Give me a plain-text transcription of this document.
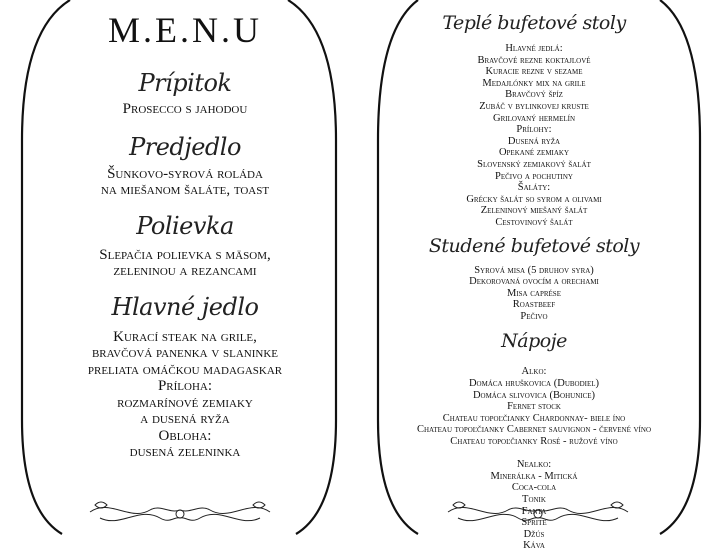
M.E.N.U
Prípitok
Prosecco s jahodou
Predjedlo
Šunkovo-syrová roláda
na miešanom šaláte, toast
Polievka
Slepačia polievka s mäsom,
zeleninou a rezancami
Hlavné jedlo
Kurací steak na grile,
bravčová panenka v slaninke
preliata omáčkou madagaskar
Príloha:
rozmarínové zemiaky
a dusená ryža
Obloha:
dusená zeleninka
Teplé bufetové stoly
Hlavné jedlá:
Bravčové rezne koktajlové
Kuracie rezne v sezame
Medajlónky mix na grile
Bravčový špíz
Zubáč v bylinkovej kruste
Grilovaný hermelín
Prílohy:
Dusená ryža
Opekané zemiaky
Slovenský zemiakový šalát
Pečivo a pochutiny
Šaláty:
Grécky šalát so syrom a olivami
Zeleninový miešaný šalát
Cestovinový šalát
Studené bufetové stoly
Syrová misa (5 druhov syra)
Dekorovaná ovocím a orechami
Misa caprése
Roastbeef
Pečivo
Nápoje
Alko:
Domáca hruškovica (Dubodiel)
Domáca slivovica (Bohunice)
Fernet stock
Chateau topoľčianky Chardonnay- biele íno
Chateau topoľčianky Cabernet sauvignon - červené víno
Chateau topoľčianky Rosé - ružové víno
Nealko:
Minerálka - Mitická
Coca-cola
Tonik
Fanta
Sprite
Džús
Káva
